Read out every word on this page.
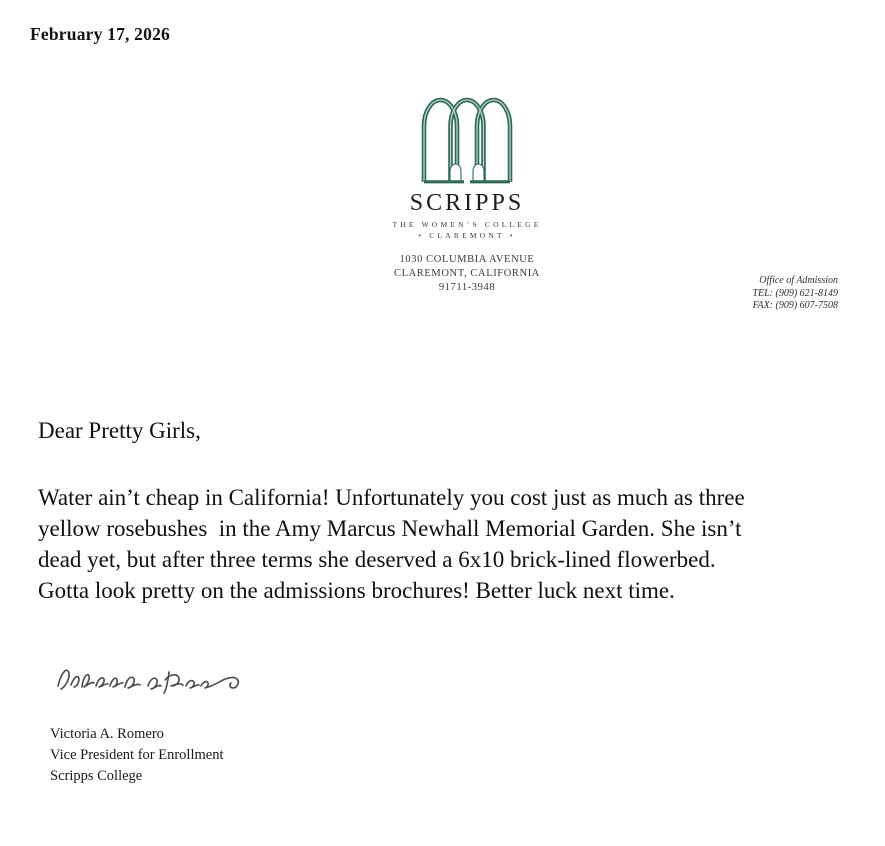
February 17, 2026
SCRIPPS
THE WOMEN’S COLLEGE
• CLAREMONT •
1030 COLUMBIA AVENUE
CLAREMONT, CALIFORNIA
91711-3948
Office of Admission
TEL: (909) 621-8149
FAX: (909) 607-7508
Dear Pretty Girls,
Water ain’t cheap in California! Unfortunately you cost just as much as three
yellow rosebushes  in the Amy Marcus Newhall Memorial Garden. She isn’t
dead yet, but after three terms she deserved a 6x10 brick-lined flowerbed.
Gotta look pretty on the admissions brochures! Better luck next time.
Victoria A. Romero
Vice President for Enrollment
Scripps College
